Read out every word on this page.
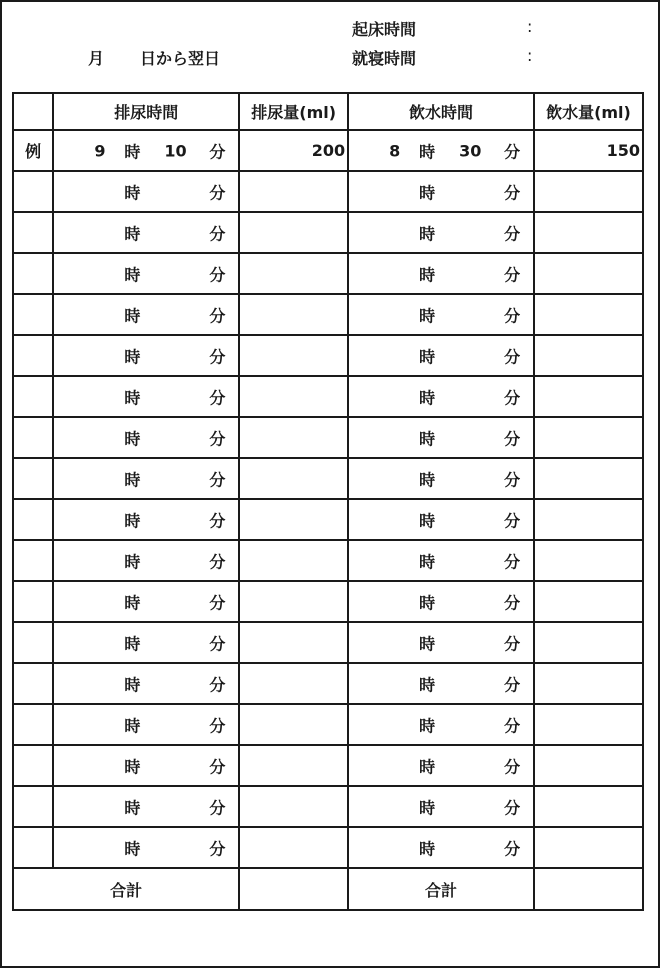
起床時間	:
月 日から翌日	就寝時間	:
	排尿時間	排尿量(ml)	飲水時間	飲水量(ml)
例	9 時 10 分	200	8 時 30 分	150

	時 分		時 分	

	時 分		時 分	

	時 分		時 分	

	時 分		時 分	

	時 分		時 分	

	時 分		時 分	

	時 分		時 分	

	時 分		時 分	

	時 分		時 分	

	時 分		時 分	

	時 分		時 分	

	時 分		時 分	

	時 分		時 分	

	時 分		時 分	

	時 分		時 分	

	時 分		時 分	

	時 分		時 分	

合計			合計	
